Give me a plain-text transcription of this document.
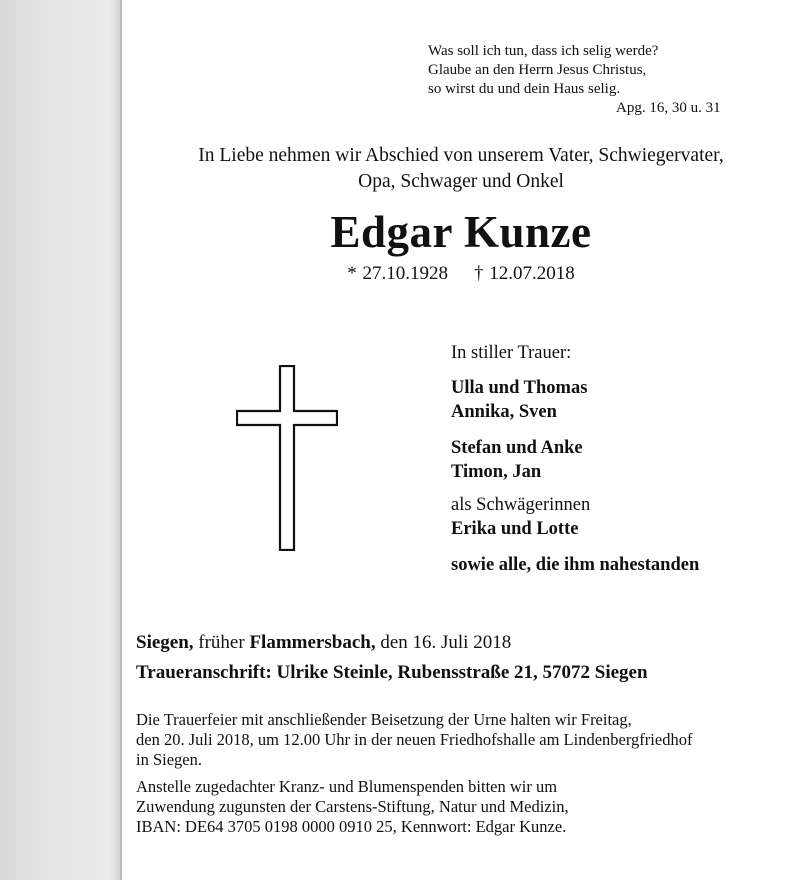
Was soll ich tun, dass ich selig werde?
Glaube an den Herrn Jesus Christus,
so wirst du und dein Haus selig.
Apg. 16, 30 u. 31
In Liebe nehmen wir Abschied von unserem Vater, Schwiegervater,
Opa, Schwager und Onkel
Edgar Kunze
* 27.10.1928 † 12.07.2018
In stiller Trauer:
Ulla und Thomas
Annika, Sven
Stefan und Anke
Timon, Jan
als Schwägerinnen
Erika und Lotte
sowie alle, die ihm nahestanden
Siegen, früher Flammersbach, den 16. Juli 2018
Traueranschrift: Ulrike Steinle, Rubensstraße 21, 57072 Siegen

Die Trauerfeier mit anschließender Beisetzung der Urne halten wir Freitag,
den 20. Juli 2018, um 12.00 Uhr in der neuen Friedhofshalle am Lindenbergfriedhof
in Siegen.

Anstelle zugedachter Kranz- und Blumenspenden bitten wir um
Zuwendung zugunsten der Carstens-Stiftung, Natur und Medizin,
IBAN: DE64 3705 0198 0000 0910 25, Kennwort: Edgar Kunze.
